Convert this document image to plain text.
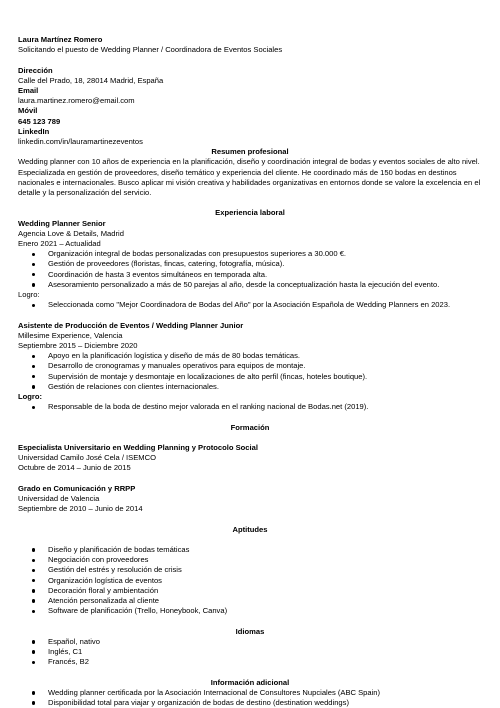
Laura Martínez Romero
Solicitando el puesto de Wedding Planner / Coordinadora de Eventos Sociales
Dirección
Calle del Prado, 18, 28014 Madrid, España
Email
laura.martinez.romero@email.com
Móvil
645 123 789
LinkedIn
linkedin.com/in/lauramartinezeventos
Resumen profesional
Wedding planner con 10 años de experiencia en la planificación, diseño y coordinación integral de bodas y eventos sociales de alto nivel.
Especializada en gestión de proveedores, diseño temático y experiencia del cliente. He coordinado más de 150 bodas en destinos
nacionales e internacionales. Busco aplicar mi visión creativa y habilidades organizativas en entornos donde se valore la excelencia en el
detalle y la personalización del servicio.
Experiencia laboral
Wedding Planner Senior
Agencia Love & Details, Madrid
Enero 2021 – Actualidad
Organización integral de bodas personalizadas con presupuestos superiores a 30.000 €.
Gestión de proveedores (floristas, fincas, catering, fotografía, música).
Coordinación de hasta 3 eventos simultáneos en temporada alta.
Asesoramiento personalizado a más de 50 parejas al año, desde la conceptualización hasta la ejecución del evento.
Logro:
Seleccionada como "Mejor Coordinadora de Bodas del Año" por la Asociación Española de Wedding Planners en 2023.
Asistente de Producción de Eventos / Wedding Planner Junior
Millesime Experience, Valencia
Septiembre 2015 – Diciembre 2020
Apoyo en la planificación logística y diseño de más de 80 bodas temáticas.
Desarrollo de cronogramas y manuales operativos para equipos de montaje.
Supervisión de montaje y desmontaje en localizaciones de alto perfil (fincas, hoteles boutique).
Gestión de relaciones con clientes internacionales.
Logro:
Responsable de la boda de destino mejor valorada en el ranking nacional de Bodas.net (2019).
Formación
Especialista Universitario en Wedding Planning y Protocolo Social
Universidad Camilo José Cela / ISEMCO
Octubre de 2014 – Junio de 2015
Grado en Comunicación y RRPP
Universidad de Valencia
Septiembre de 2010 – Junio de 2014
Aptitudes
Diseño y planificación de bodas temáticas
Negociación con proveedores
Gestión del estrés y resolución de crisis
Organización logística de eventos
Decoración floral y ambientación
Atención personalizada al cliente
Software de planificación (Trello, Honeybook, Canva)
Idiomas
Español, nativo
Inglés, C1
Francés, B2
Información adicional
Wedding planner certificada por la Asociación Internacional de Consultores Nupciales (ABC Spain)
Disponibilidad total para viajar y organización de bodas de destino (destination weddings)
